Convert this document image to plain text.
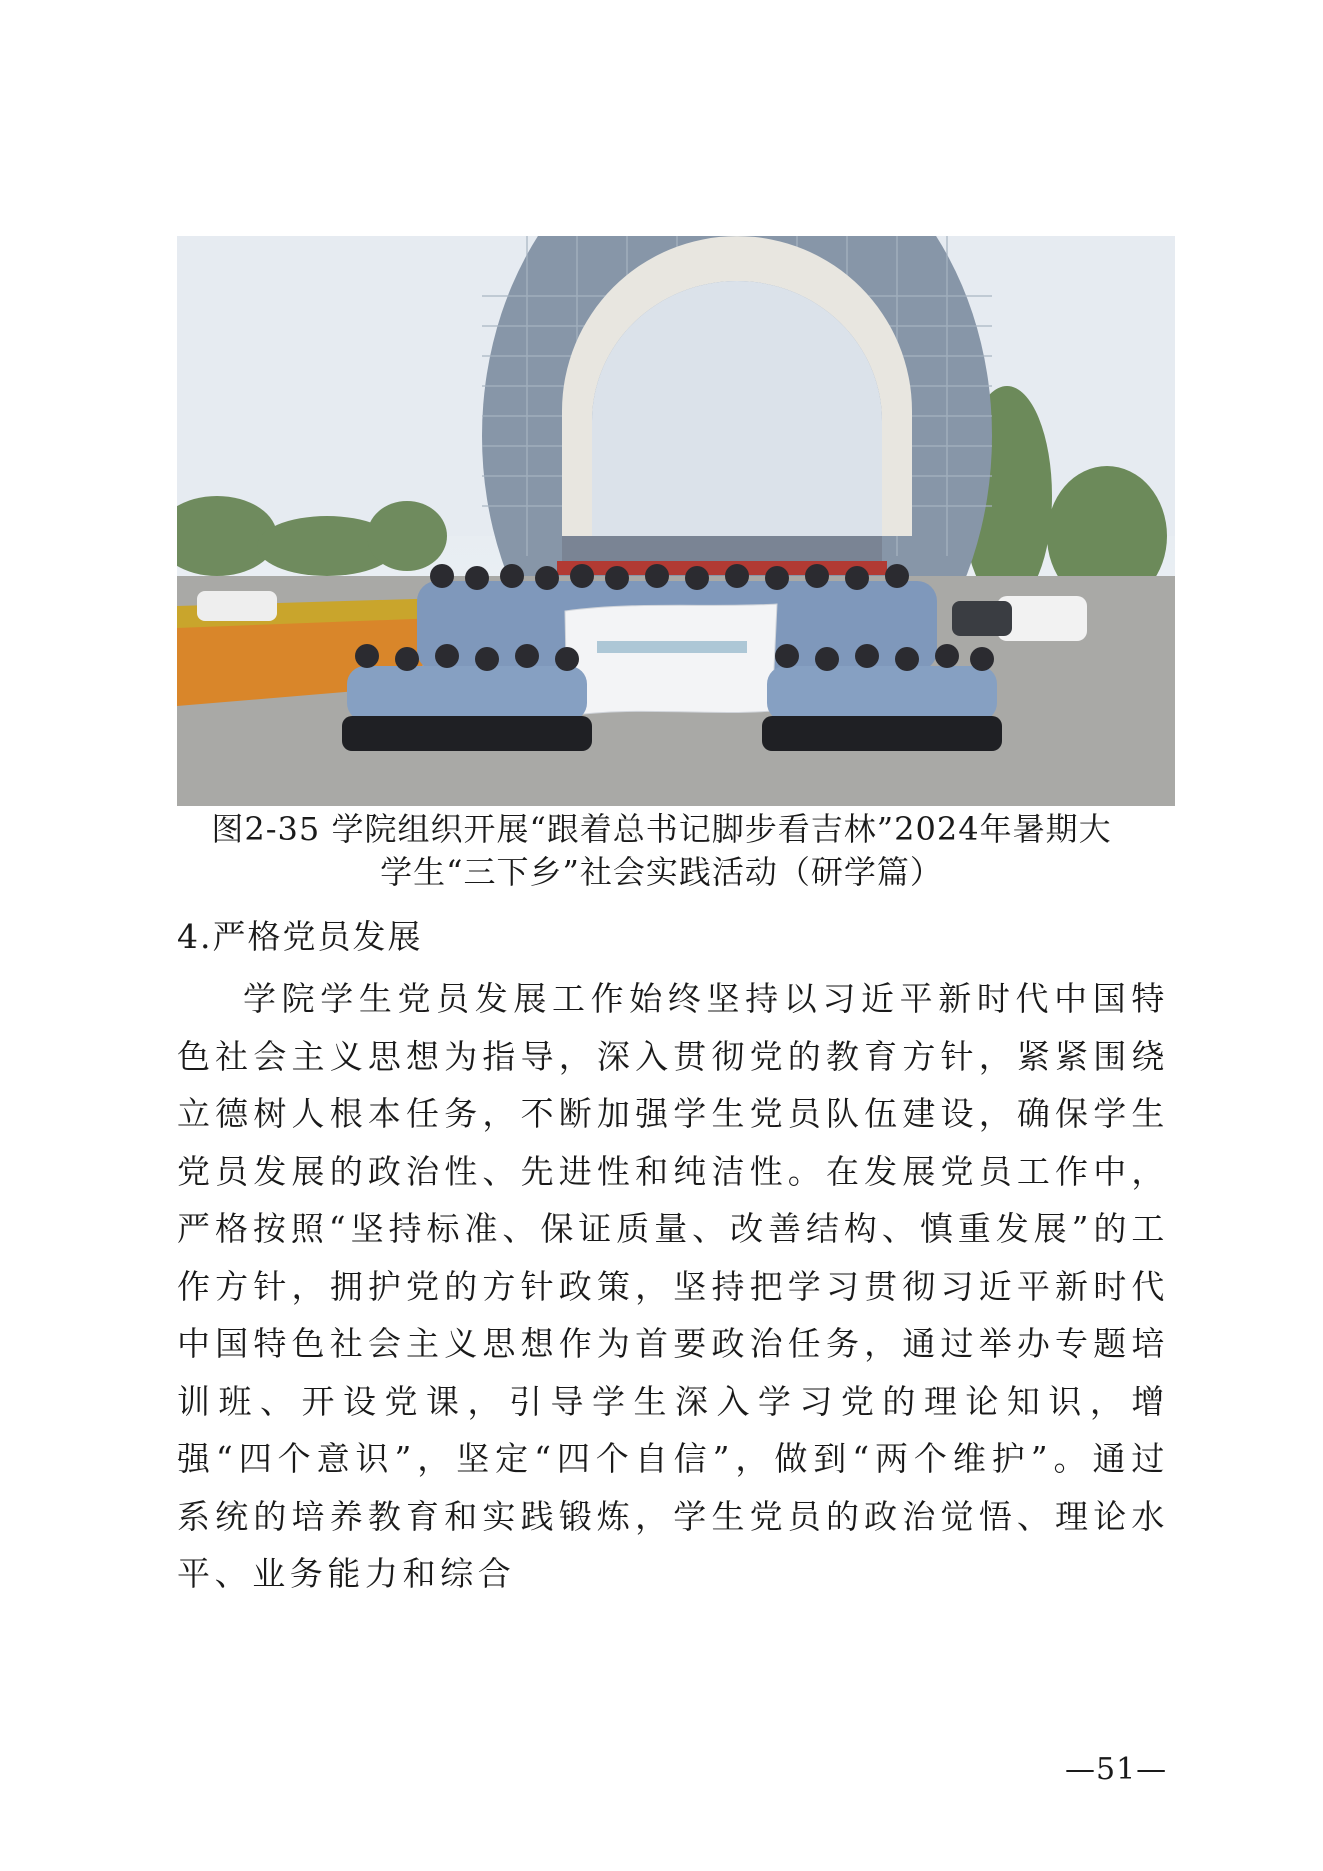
图2-35 学院组织开展“跟着总书记脚步看吉林”2024年暑期大
学生“三下乡”社会实践活动（研学篇）
4.严格党员发展

学院学生党员发展工作始终坚持以习近平新时代中国特色社会主义思想为指导，深入贯彻党的教育方针，紧紧围绕立德树人根本任务，不断加强学生党员队伍建设，确保学生党员发展的政治性、先进性和纯洁性。在发展党员工作中，严格按照“坚持标准、保证质量、改善结构、慎重发展”的工作方针，拥护党的方针政策，坚持把学习贯彻习近平新时代中国特色社会主义思想作为首要政治任务，通过举办专题培训班、开设党课，引导学生深入学习党的理论知识，增强“四个意识”，坚定“四个自信”，做到“两个维护”。通过系统的培养教育和实践锻炼，学生党员的政治觉悟、理论水平、业务能力和综合

—51—
